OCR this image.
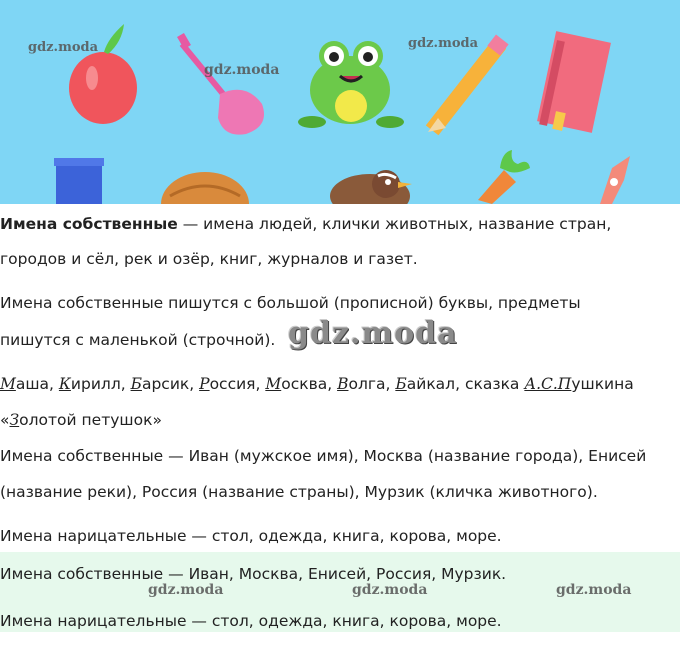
gdz.moda
gdz.moda
gdz.moda

Имена собственные — имена людей, клички животных, название стран,

городов и сёл, рек и озёр, книг, журналов и газет.

Имена собственные пишутся с большой (прописной) буквы, предметы

пишутся с маленькой (строчной). gdz.moda

Маша, Кирилл, Барсик, Россия, Москва, Волга, Байкал, сказка А.С.Пушкина

«Золотой петушок»

Имена собственные — Иван (мужское имя), Москва (название города), Енисей

(название реки), Россия (название страны), Мурзик (кличка животного).

Имена нарицательные — стол, одежда, книга, корова, море.

Имена собственные — Иван, Москва, Енисей, Россия, Мурзик.

gdz.moda	gdz.moda	gdz.moda

Имена нарицательные — стол, одежда, книга, корова, море.
